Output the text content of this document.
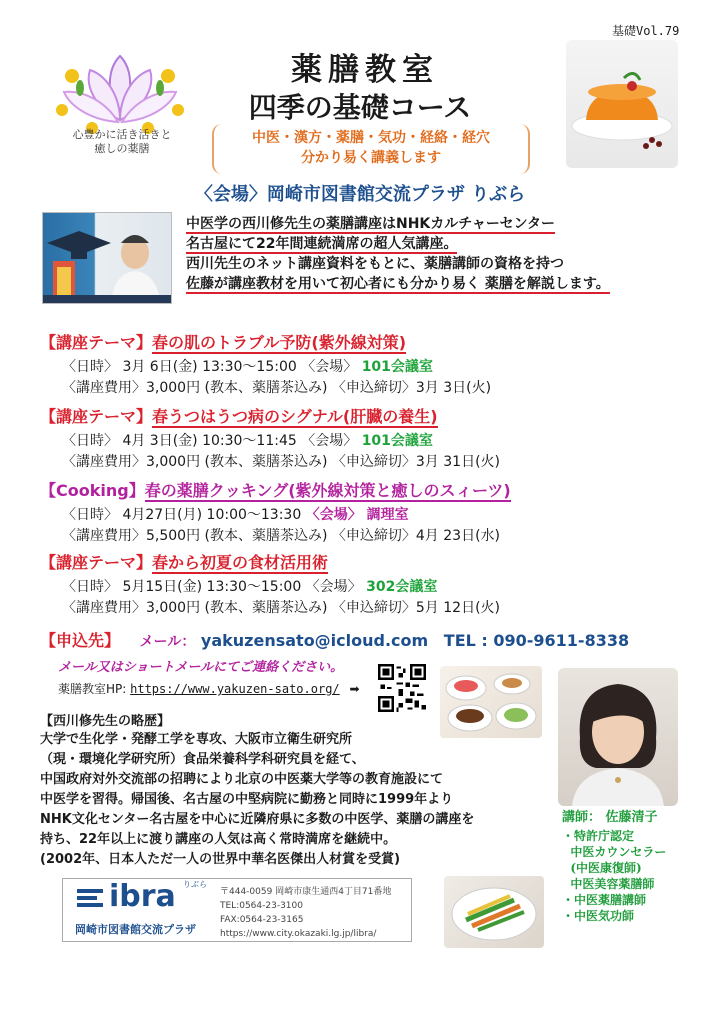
基礎Vol.79
心豊かに活き活きと
癒しの薬膳
薬膳教室
四季の基礎コース
中医・漢方・薬膳・気功・経絡・経穴
分かり易く講義します
〈会場〉岡崎市図書館交流プラザ りぶら

中医学の西川修先生の薬膳講座はNHKカルチャーセンター

名古屋にて22年間連続満席の超人気講座。

西川先生のネット講座資料をもとに、薬膳講師の資格を持つ

佐藤が講座教材を用いて初心者にも分かり易く 薬膳を解説します。

【講座テーマ】春の肌のトラブル予防(紫外線対策)
〈日時〉 3月 6日(金) 13:30〜15:00 〈会場〉 101会議室
〈講座費用〉3,000円 (教本、薬膳茶込み) 〈申込締切〉3月 3日(火)
【講座テーマ】春うつはうつ病のシグナル(肝臓の養生)
〈日時〉 4月 3日(金) 10:30〜11:45 〈会場〉 101会議室
〈講座費用〉3,000円 (教本、薬膳茶込み) 〈申込締切〉3月 31日(火)
【Cooking】春の薬膳クッキング(紫外線対策と癒しのスィーツ)
〈日時〉 4月27日(月) 10:00〜13:30 〈会場〉 調理室
〈講座費用〉5,500円 (教本、薬膳茶込み) 〈申込締切〉4月 23日(水)
【講座テーマ】春から初夏の食材活用術
〈日時〉 5月15日(金) 13:30〜15:00 〈会場〉 302会議室
〈講座費用〉3,000円 (教本、薬膳茶込み) 〈申込締切〉5月 12日(火)
【申込先】 メール： yakuzensato@icloud.com TEL : 090-9611-8338
メール又はショートメールにてご連絡ください。
薬膳教室HP: https://www.yakuzen-sato.org/ ➡
【西川修先生の略歴】
大学で生化学・発酵工学を専攻、大阪市立衛生研究所
（現・環境化学研究所）食品栄養科学科研究員を経て、
中国政府対外交流部の招聘により北京の中医薬大学等の教育施設にて
中医学を習得。帰国後、名古屋の中堅病院に勤務と同時に1999年より
NHK文化センター名古屋を中心に近隣府県に多数の中医学、薬膳の講座を
持ち、22年以上に渡り講座の人気は高く常時満席を継続中。
(2002年、日本人ただ一人の世界中華名医傑出人材賞を受賞)
講師： 佐藤清子
・特許庁認定
中医カウンセラー
(中医康復師)
中医美容薬膳師
・中医薬膳講師
・中医気功師
ibra りぶら
岡崎市図書館交流プラザ
〒444-0059 岡崎市康生通西4丁目71番地
TEL:0564-23-3100
FAX:0564-23-3165
https://www.city.okazaki.lg.jp/libra/
